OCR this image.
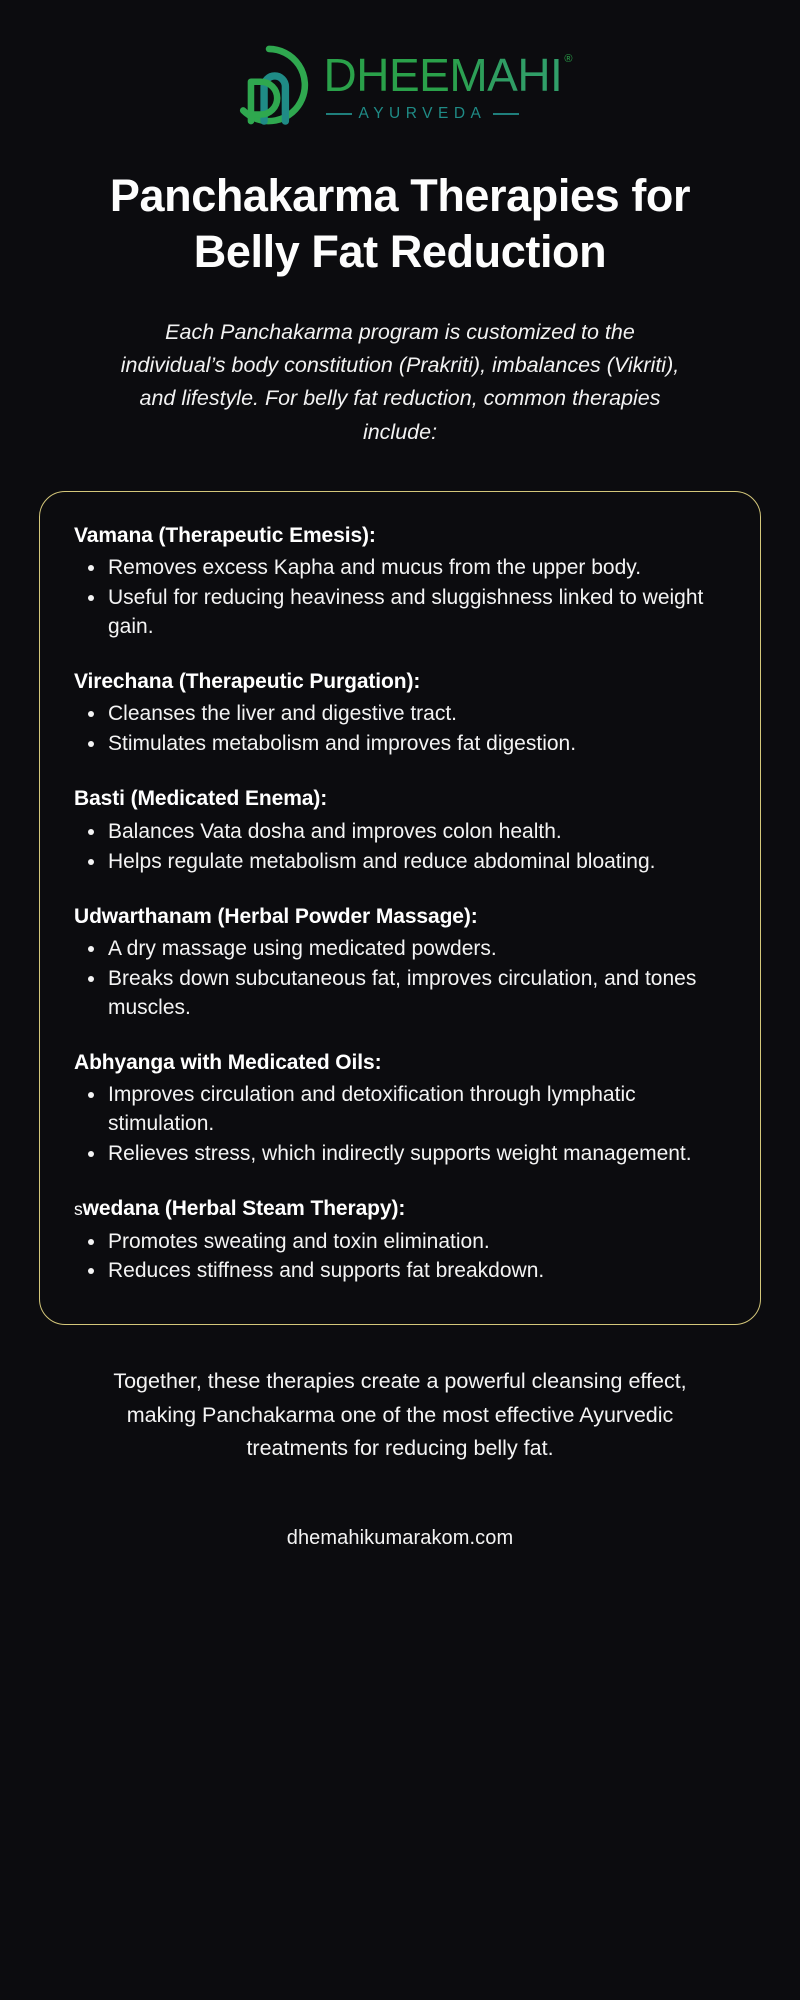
DHEEMAHI ®
AYURVEDA
Panchakarma Therapies for Belly Fat Reduction

Each Panchakarma program is customized to the individual’s body constitution (Prakriti), imbalances (Vikriti), and lifestyle. For belly fat reduction, common therapies include:

Vamana (Therapeutic Emesis):
Removes excess Kapha and mucus from the upper body.
Useful for reducing heaviness and sluggishness linked to weight gain.
Virechana (Therapeutic Purgation):
Cleanses the liver and digestive tract.
Stimulates metabolism and improves fat digestion.
Basti (Medicated Enema):
Balances Vata dosha and improves colon health.
Helps regulate metabolism and reduce abdominal bloating.
Udwarthanam (Herbal Powder Massage):
A dry massage using medicated powders.
Breaks down subcutaneous fat, improves circulation, and tones muscles.
Abhyanga with Medicated Oils:
Improves circulation and detoxification through lymphatic stimulation.
Relieves stress, which indirectly supports weight management.
swedana (Herbal Steam Therapy):
Promotes sweating and toxin elimination.
Reduces stiffness and supports fat breakdown.

Together, these therapies create a powerful cleansing effect, making Panchakarma one of the most effective Ayurvedic treatments for reducing belly fat.

dhemahikumarakom.com
